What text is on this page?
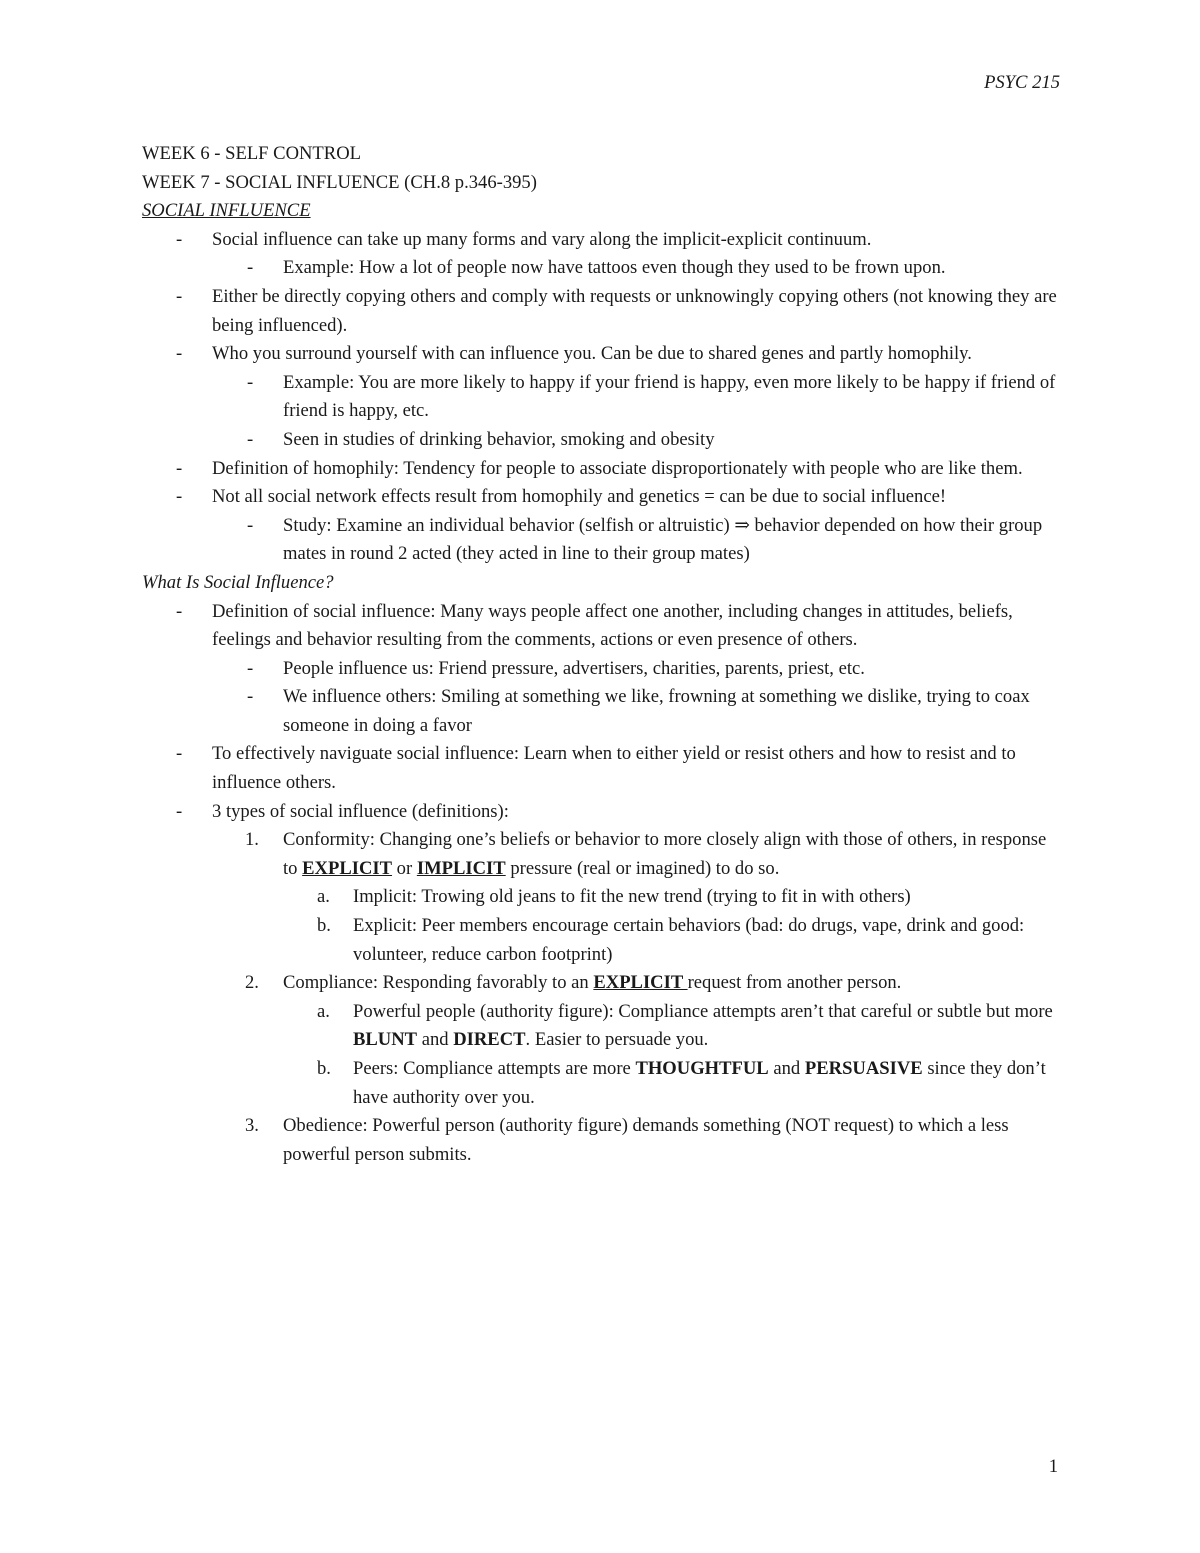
PSYC 215
WEEK 6 - SELF CONTROL
WEEK 7 - SOCIAL INFLUENCE (CH.8 p.346-395)
SOCIAL INFLUENCE
- Social influence can take up many forms and vary along the implicit-explicit continuum.
- Example: How a lot of people now have tattoos even though they used to be frown upon.
- Either be directly copying others and comply with requests or unknowingly copying others (not knowing they are being influenced).
- Who you surround yourself with can influence you. Can be due to shared genes and partly homophily.
- Example: You are more likely to happy if your friend is happy, even more likely to be happy if friend of friend is happy, etc.
- Seen in studies of drinking behavior, smoking and obesity
- Definition of homophily: Tendency for people to associate disproportionately with people who are like them.
- Not all social network effects result from homophily and genetics = can be due to social influence!
- Study: Examine an individual behavior (selfish or altruistic) ⇒ behavior depended on how their group mates in round 2 acted (they acted in line to their group mates)
What Is Social Influence?
- Definition of social influence: Many ways people affect one another, including changes in attitudes, beliefs, feelings and behavior resulting from the comments, actions or even presence of others.
- People influence us: Friend pressure, advertisers, charities, parents, priest, etc.
- We influence others: Smiling at something we like, frowning at something we dislike, trying to coax someone in doing a favor
- To effectively naviguate social influence: Learn when to either yield or resist others and how to resist and to influence others.
- 3 types of social influence (definitions):
1. Conformity: Changing one’s beliefs or behavior to more closely align with those of others, in response to EXPLICIT or IMPLICIT pressure (real or imagined) to do so.
a. Implicit: Trowing old jeans to fit the new trend (trying to fit in with others)
b. Explicit: Peer members encourage certain behaviors (bad: do drugs, vape, drink and good: volunteer, reduce carbon footprint)
2. Compliance: Responding favorably to an EXPLICIT request from another person.
a. Powerful people (authority figure): Compliance attempts aren’t that careful or subtle but more BLUNT and DIRECT. Easier to persuade you.
b. Peers: Compliance attempts are more THOUGHTFUL and PERSUASIVE since they don’t have authority over you.
3. Obedience: Powerful person (authority figure) demands something (NOT request) to which a less powerful person submits.
1
